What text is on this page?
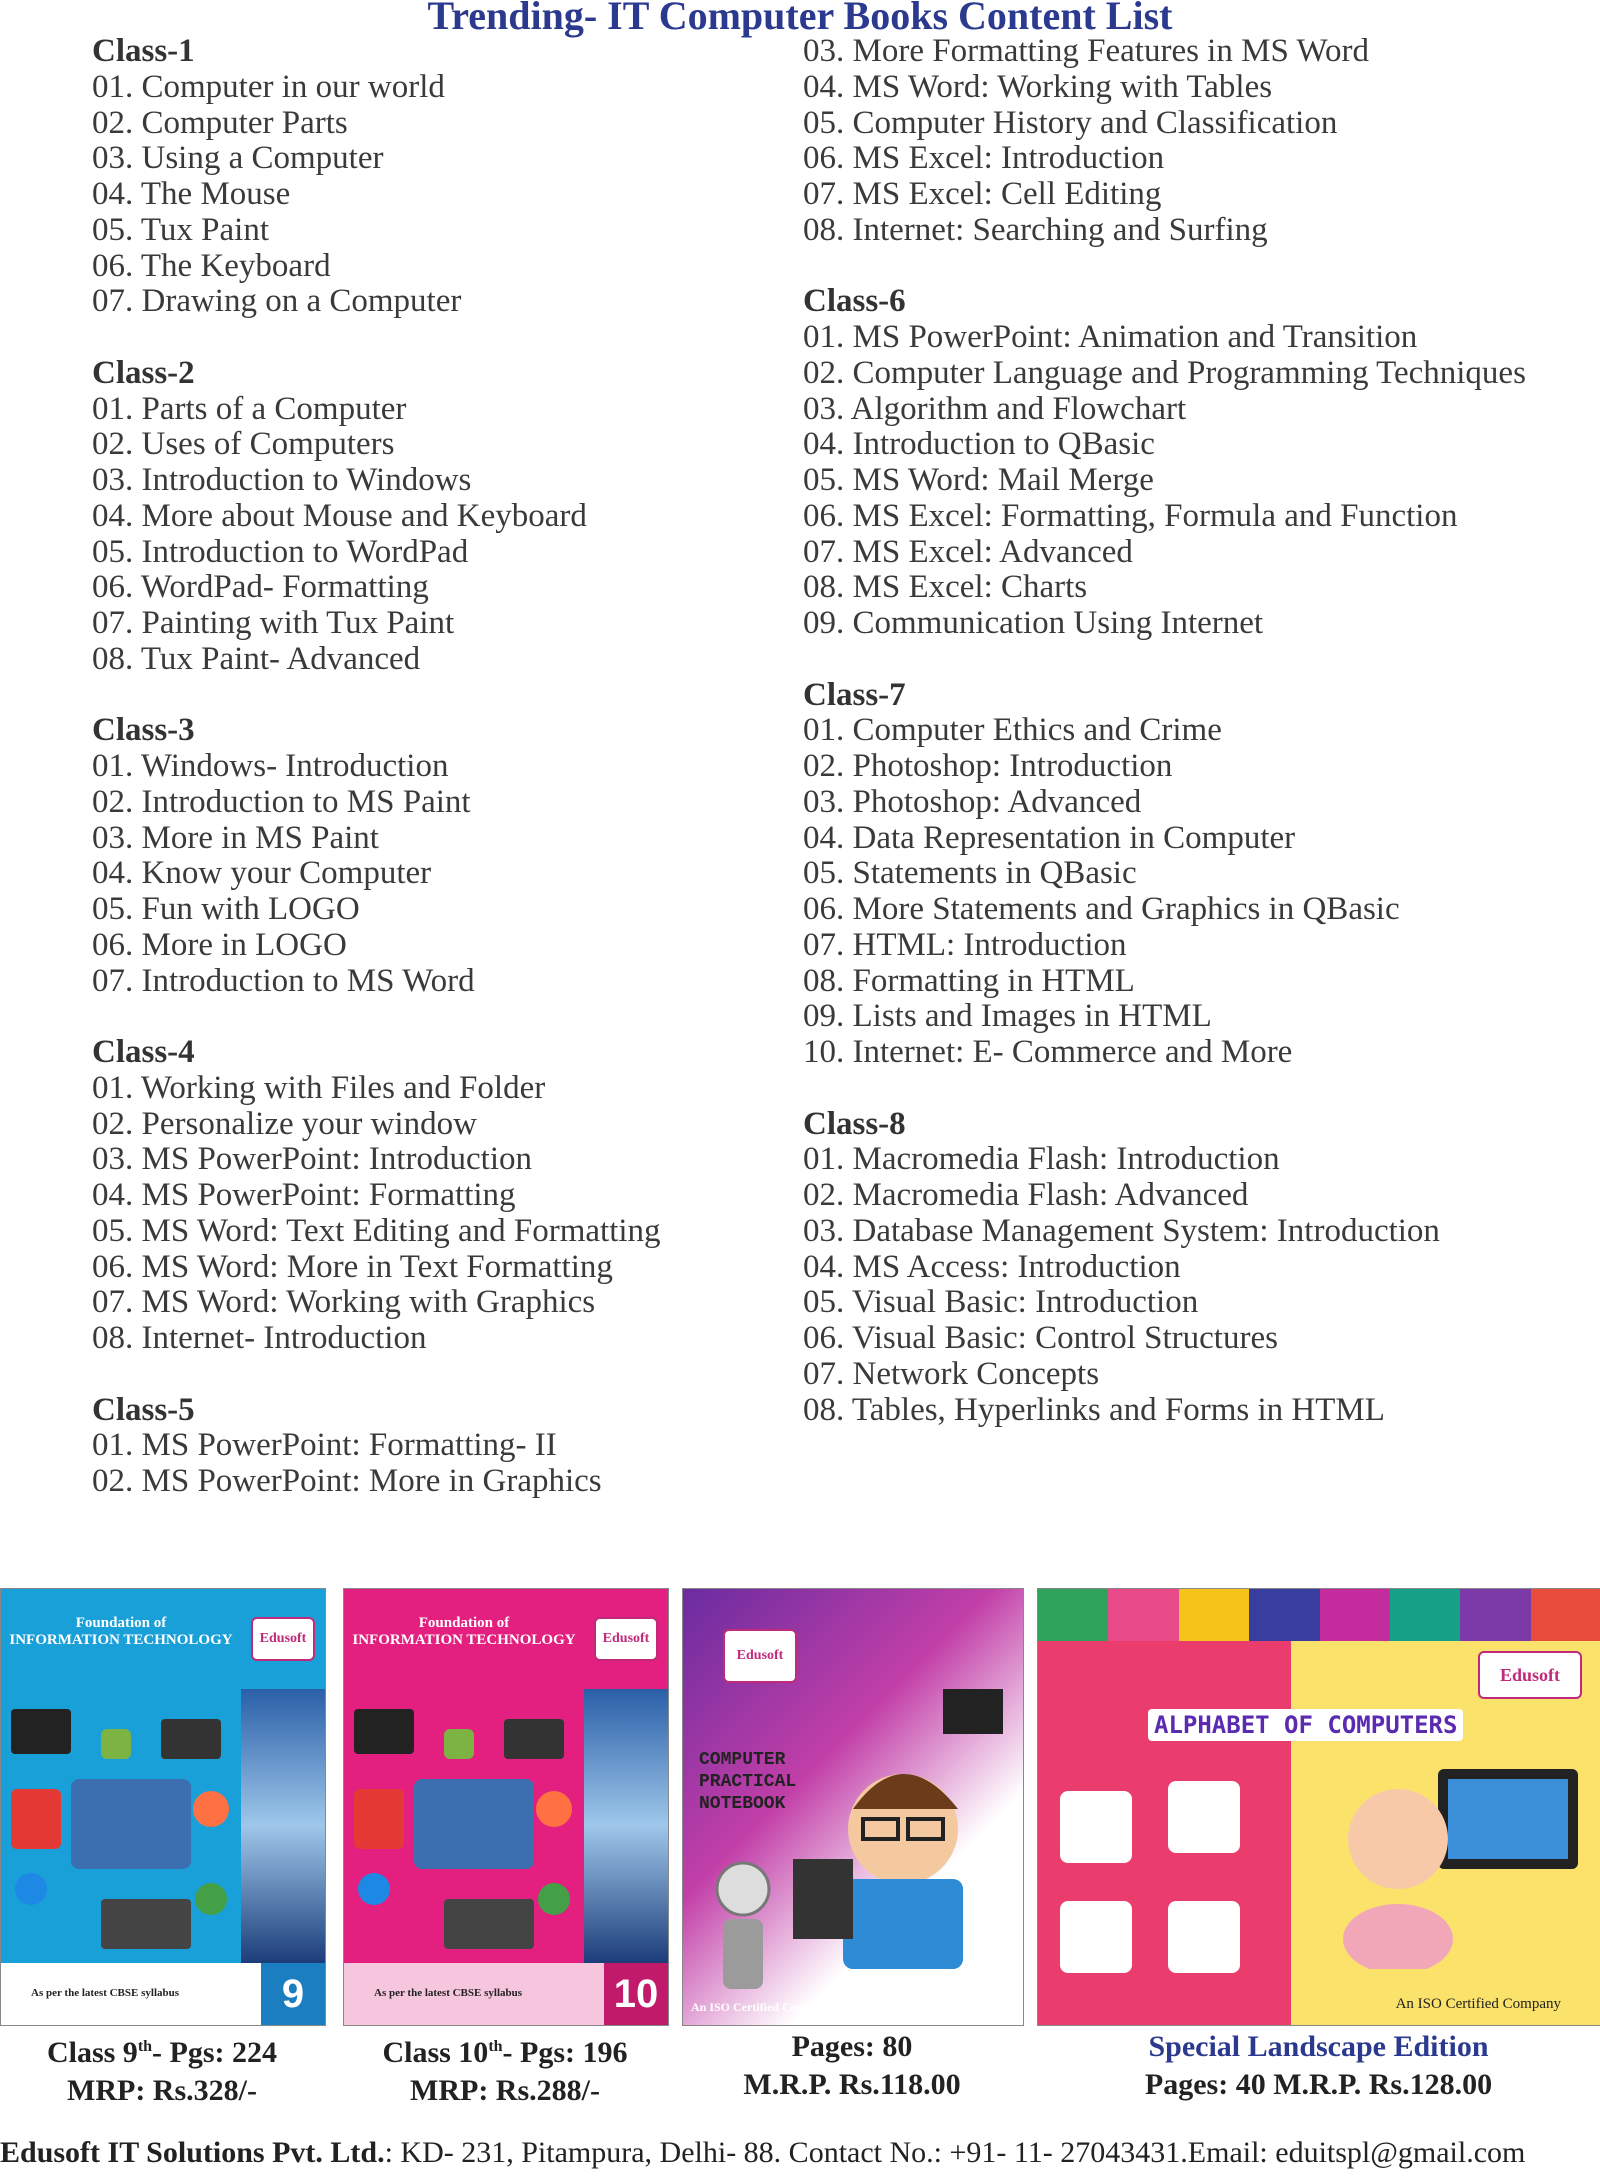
Trending- IT Computer Books Content List
Class-1
01. Computer in our world
02. Computer Parts
03. Using a Computer
04. The Mouse
05. Tux Paint
06. The Keyboard
07. Drawing on a Computer
Class-2
01. Parts of a Computer
02. Uses of Computers
03. Introduction to Windows
04. More about Mouse and Keyboard
05. Introduction to WordPad
06. WordPad- Formatting
07. Painting with Tux Paint
08. Tux Paint- Advanced
Class-3
01. Windows- Introduction
02. Introduction to MS Paint
03. More in MS Paint
04. Know your Computer
05. Fun with LOGO
06. More in LOGO
07. Introduction to MS Word
Class-4
01. Working with Files and Folder
02. Personalize your window
03. MS PowerPoint: Introduction
04. MS PowerPoint: Formatting
05. MS Word: Text Editing and Formatting
06. MS Word: More in Text Formatting
07. MS Word: Working with Graphics
08. Internet- Introduction
Class-5
01. MS PowerPoint: Formatting- II
02. MS PowerPoint: More in Graphics
03. More Formatting Features in MS Word
04. MS Word: Working with Tables
05. Computer History and Classification
06. MS Excel: Introduction
07. MS Excel: Cell Editing
08. Internet: Searching and Surfing
Class-6
01. MS PowerPoint: Animation and Transition
02. Computer Language and Programming Techniques
03. Algorithm and Flowchart
04. Introduction to QBasic
05. MS Word: Mail Merge
06. MS Excel: Formatting, Formula and Function
07. MS Excel: Advanced
08. MS Excel: Charts
09. Communication Using Internet
Class-7
01. Computer Ethics and Crime
02. Photoshop: Introduction
03. Photoshop: Advanced
04. Data Representation in Computer
05. Statements in QBasic
06. More Statements and Graphics in QBasic
07. HTML: Introduction
08. Formatting in HTML
09. Lists and Images in HTML
10. Internet: E- Commerce and More
Class-8
01. Macromedia Flash: Introduction
02. Macromedia Flash: Advanced
03. Database Management System: Introduction
04. MS Access: Introduction
05. Visual Basic: Introduction
06. Visual Basic: Control Structures
07. Network Concepts
08. Tables, Hyperlinks and Forms in HTML
Foundation of
INFORMATION TECHNOLOGY	Edusoft
As per the latest CBSE syllabus	9
Foundation of
INFORMATION TECHNOLOGY	Edusoft
As per the latest CBSE syllabus 10
Edusoft
COMPUTER
PRACTICAL
NOTEBOOK
An ISO Certified Company
ALPHABET OF COMPUTERS
Edusoft
An ISO Certified Company
Class 9th- Pgs: 224
MRP: Rs.328/-
Class 10th- Pgs: 196
MRP: Rs.288/-
Pages: 80
M.R.P. Rs.118.00
Special Landscape Edition
Pages: 40 M.R.P. Rs.128.00
Edusoft IT Solutions Pvt. Ltd.: KD- 231, Pitampura, Delhi- 88. Contact No.: +91- 11- 27043431.Email: eduitspl@gmail.com
